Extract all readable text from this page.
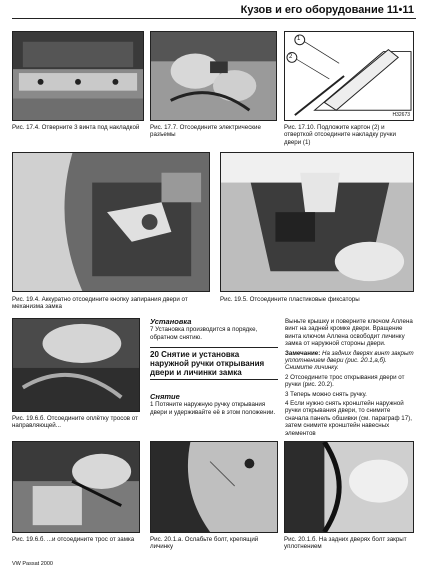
Кузов и его оборудование 11•11
1
2
H32673
Рис. 17.4. Отверните 3 винта под накладкой	Рис. 17.7. Отсоедините электрические разъемы
Рис. 17.10. Подложите картон (2) и отверткой отсоедините накладку ручки двери (1)
Рис. 19.4. Аккуратно отсоедините кнопку запирания двери от механизма замка
Рис. 19.5. Отсоедините пластиковые фиксаторы
Установка
7 Установка производится в порядке, обратном снятию.
20 Снятие и установка наружной ручки открывания двери и личинки замка
Снятие
1 Потяните наружную ручку открывания двери и удерживайте её в этом положении.
Выньте крышку и поверните ключом Аллена винт на задней кромке двери. Вращение винта ключом Аллена освободит личинку замка от наружной стороны двери.
Замечание: На задних дверях винт закрыт уплотнением двери (рис. 20.1,а,б). Снимите личинку.
2 Отсоедините трос открывания двери от ручки (рис. 20.2).
3 Теперь можно снять ручку.
4 Если нужно снять кронштейн наружной ручки открывания двери, то снимите сначала панель обшивки (см. параграф 17), затем снимите кронштейн навесных элементов
Рис. 19.6.б. Отсоедините оплётку тросов от направляющей...
Рис. 19.6.б. ...и отсоедините трос от замка	Рис. 20.1.а. Ослабьте болт, крепящий личинку
Рис. 20.1.б. На задних дверях болт закрыт уплотнением
VW Passat 2000
